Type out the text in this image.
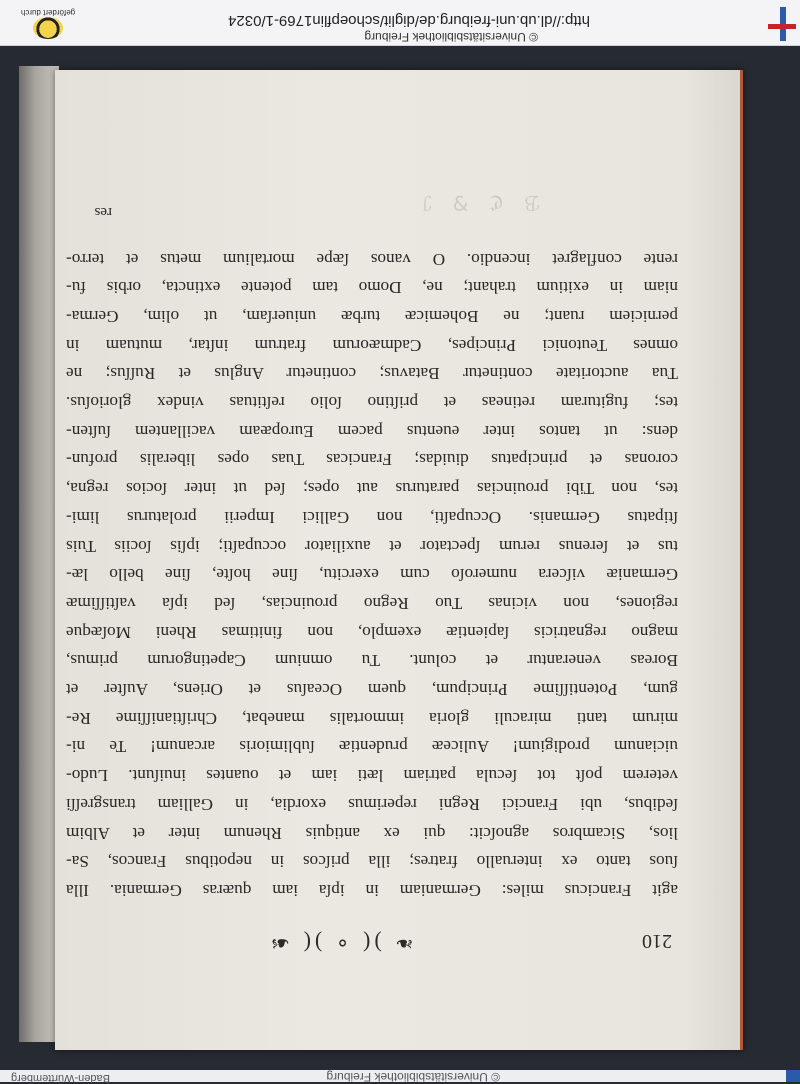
© Universitätsbibliothek Freiburg
Baden-Württemberg
210
❧ )( ∘ )( ☙
agit Francicus miles: Germaniam in ipſa iam quæras Germania. Illa
ſuos tanto ex interuallo fratres; illa priſcos in nepotibus Francos, Sa-
lios, Sicambros agnoſcit: qui ex antiquis Rhenum inter et Albim
ſedibus, ubi Francici Regni reperimus exordia, in Galliam transgreſſi
veterem poſt tot ſecula patriam læti iam et ouantes inuiſunt. Ludo-
uicianum prodigium! Auliceæ prudentiæ ſublimioris arcanum! Te ni-
mirum tanti miraculi gloria immortalis manebat, Chriſtianiſſime Re-
gum, Potentiſſime Principum, quem Oceaſus et Oriens, Auſter et
Boreas venerantur et colunt. Tu omnium Capetingorum primus,
magno regnatricis ſapientiæ exemplo, non finitimas Rheni Moſæque
regiones, non vicinas Tuo Regno prouincias, ſed ipſa vaſtiſſimæ
Germaniæ viſcera numeroſo cum exercitu, ſine hoſte, ſine bello læ-
tus et ſerenus rerum ſpectator et auxiliator occupaſti; ipſis ſociis Tuis
ſtipatus Germanis. Occupaſti, non Gallici Imperii prolaturus limi-
tes, non Tibi prouincias paraturus aut opes; ſed ut inter ſocios regna,
coronas et principatus diuidas; Francicas Tuas opes liberalis profun-
dens: ut tantos inter euentus pacem Europæam vacillantem ſuſten-
tes; fugituram retineas et priſtino ſolio reſtituas vindex glorioſus.
Tua auctoritate continetur Batavus; continetur Anglus et Ruſſus; ne
omnes Teutonici Principes, Cadmæorum fratrum inſtar, mutuam in
perniciem ruant; ne Bohemicæ turbæ uniuerſam, ut olim, Germa-
niam in exitium trahant; ne, Domo tam potente extincta, orbis fu-
rente conflagret incendio. O vanos ſæpe mortalium metus et terro-
ℬ ℭ ⅋ ℐ
res
© Universitätsbibliothek Freiburg
http://dl.ub.uni-freiburg.de/diglit/schoepflin1769-1/0324
gefördert durch
